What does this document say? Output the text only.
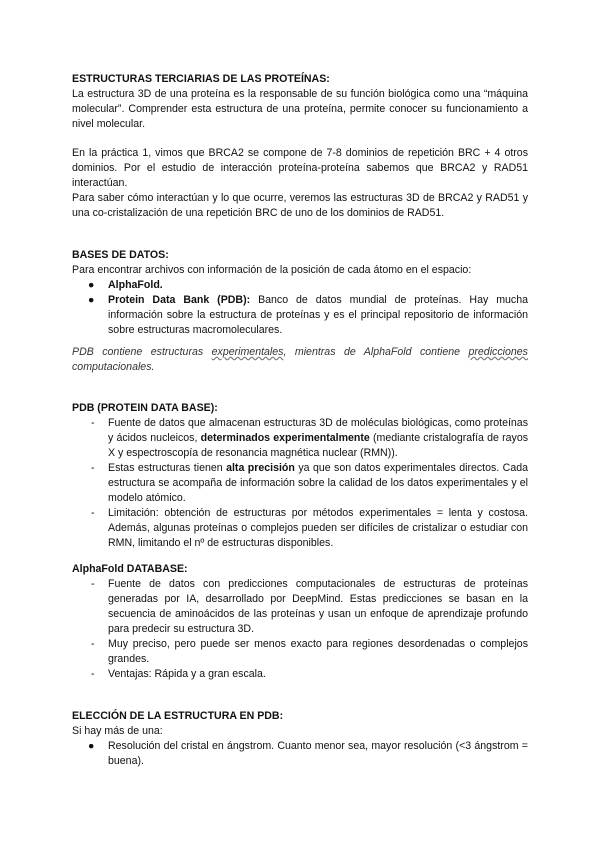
ESTRUCTURAS TERCIARIAS DE LAS PROTEÍNAS:

La estructura 3D de una proteína es la responsable de su función biológica como una “máquina molecular”. Comprender esta estructura de una proteína, permite conocer su funcionamiento a nivel molecular.

En la práctica 1, vimos que BRCA2 se compone de 7-8 dominios de repetición BRC + 4 otros dominios. Por el estudio de interacción proteína-proteína sabemos que BRCA2 y RAD51 interactúan.

Para saber cómo interactúan y lo que ocurre, veremos las estructuras 3D de BRCA2 y RAD51 y una co-cristalización de una repetición BRC de uno de los dominios de RAD51.

BASES DE DATOS:

Para encontrar archivos con información de la posición de cada átomo en el espacio:

● AlphaFold.
● Protein Data Bank (PDB): Banco de datos mundial de proteínas. Hay mucha información sobre la estructura de proteínas y es el principal repositorio de información sobre estructuras macromoleculares.

PDB contiene estructuras experimentales, mientras de AlphaFold contiene predicciones computacionales.

PDB (PROTEIN DATA BASE):
- Fuente de datos que almacenan estructuras 3D de moléculas biológicas, como proteínas y ácidos nucleicos, determinados experimentalmente (mediante cristalografía de rayos X y espectroscopía de resonancia magnética nuclear (RMN)).
- Estas estructuras tienen alta precisión ya que son datos experimentales directos. Cada estructura se acompaña de información sobre la calidad de los datos experimentales y el modelo atómico.
- Limitación: obtención de estructuras por métodos experimentales = lenta y costosa. Además, algunas proteínas o complejos pueden ser difíciles de cristalizar o estudiar con RMN, limitando el nº de estructuras disponibles.
AlphaFold DATABASE:
- Fuente de datos con predicciones computacionales de estructuras de proteínas generadas por IA, desarrollado por DeepMind. Estas predicciones se basan en la secuencia de aminoácidos de las proteínas y usan un enfoque de aprendizaje profundo para predecir su estructura 3D.
- Muy preciso, pero puede ser menos exacto para regiones desordenadas o complejos grandes.
- Ventajas: Rápida y a gran escala.
ELECCIÓN DE LA ESTRUCTURA EN PDB:

Si hay más de una:

● Resolución del cristal en ángstrom. Cuanto menor sea, mayor resolución (<3 ángstrom = buena).
